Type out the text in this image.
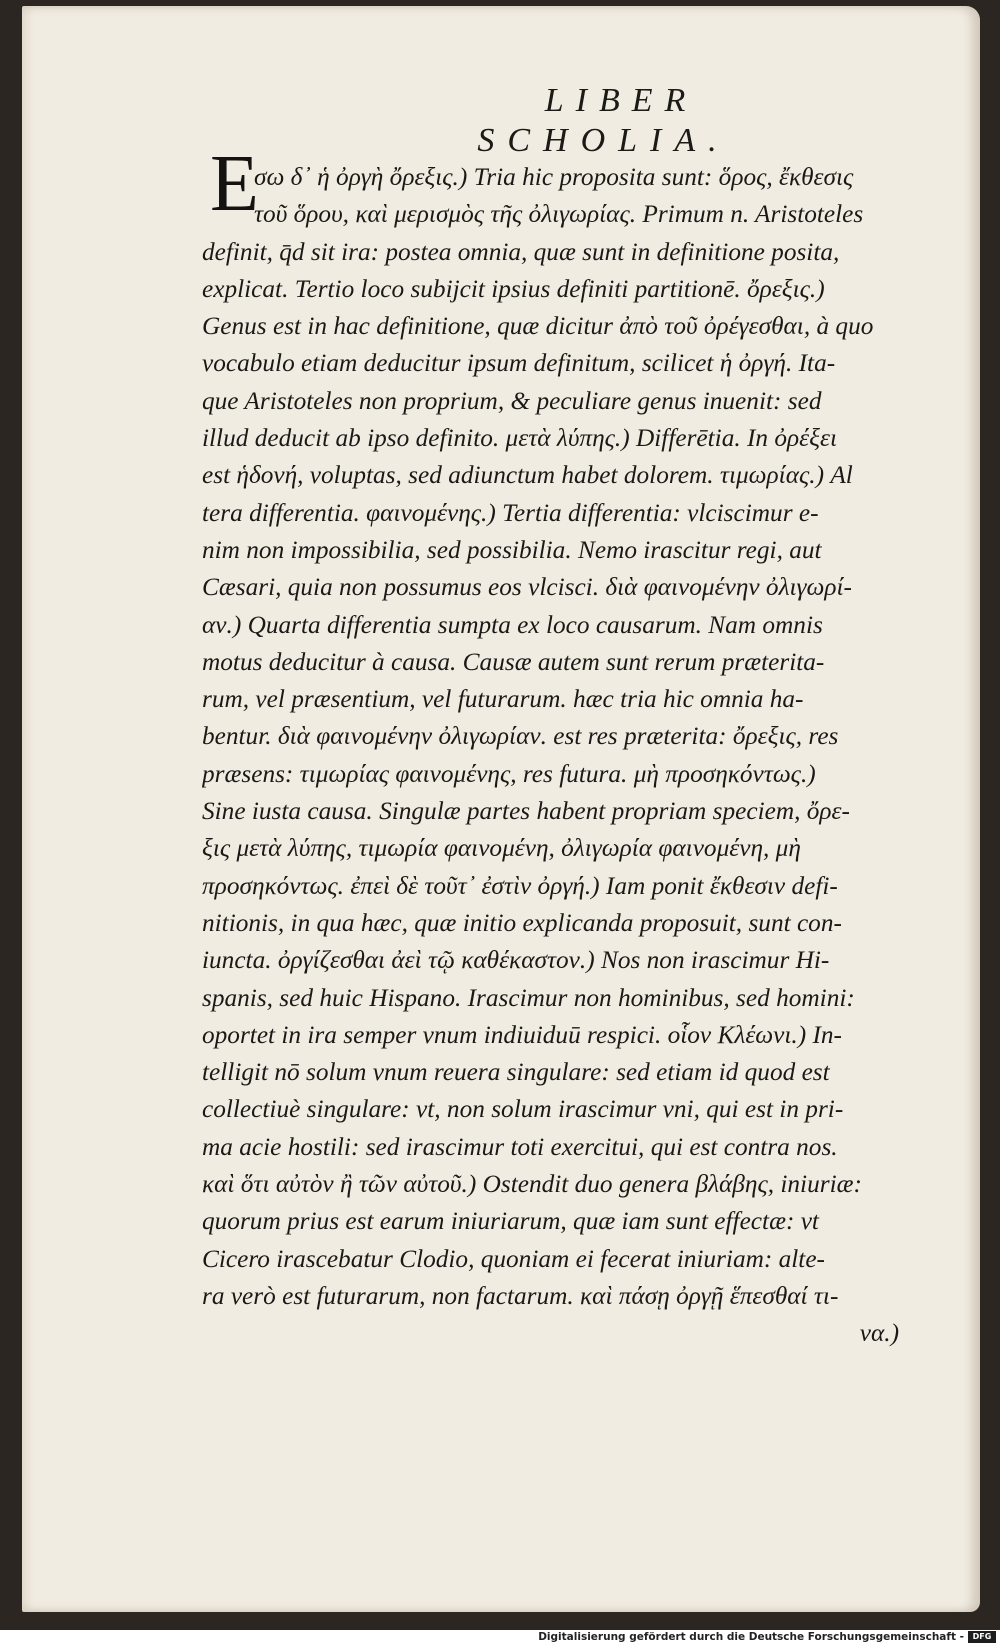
LIBER
SCHOLIA.
E
σω δ᾽ ἡ ὀργὴ ὄρεξις.) Tria hic proposita sunt: ὅρος, ἔκθεσις
τοῦ ὅρου, καὶ μερισμὸς τῆς ὀλιγωρίας. Primum n. Aristoteles
definit, q̄d sit ira: postea omnia, quæ sunt in definitione posita,
explicat. Tertio loco subijcit ipsius definiti partitionē. ὄρεξις.)
Genus est in hac definitione, quæ dicitur ἀπὸ τοῦ ὀρέγεσθαι, à quo
vocabulo etiam deducitur ipsum definitum, scilicet ἡ ὀργή. Ita-
que Aristoteles non proprium, & peculiare genus inuenit: sed
illud deducit ab ipso definito. μετὰ λύπης.) Differētia. In ὀρέξει
est ἡδονή, voluptas, sed adiunctum habet dolorem. τιμωρίας.) Al
tera differentia. φαινομένης.) Tertia differentia: vlciscimur e-
nim non impossibilia, sed possibilia. Nemo irascitur regi, aut
Cæsari, quia non possumus eos vlcisci. διὰ φαινομένην ὀλιγωρί-
αν.) Quarta differentia sumpta ex loco causarum. Nam omnis
motus deducitur à causa. Causæ autem sunt rerum præterita-
rum, vel præsentium, vel futurarum. hæc tria hic omnia ha-
bentur. διὰ φαινομένην ὀλιγωρίαν. est res præterita: ὄρεξις, res
præsens: τιμωρίας φαινομένης, res futura. μὴ προσηκόντως.)
Sine iusta causa. Singulæ partes habent propriam speciem, ὄρε-
ξις μετὰ λύπης, τιμωρία φαινομένη, ὀλιγωρία φαινομένη, μὴ
προσηκόντως. ἐπεὶ δὲ τοῦτ᾽ ἐστὶν ὀργή.) Iam ponit ἔκθεσιν defi-
nitionis, in qua hæc, quæ initio explicanda proposuit, sunt con-
iuncta. ὀργίζεσθαι ἀεὶ τῷ καθέκαστον.) Nos non irascimur Hi-
spanis, sed huic Hispano. Irascimur non hominibus, sed homini:
oportet in ira semper vnum indiuiduū respici. οἷον Κλέωνι.) In-
telligit nō solum vnum reuera singulare: sed etiam id quod est
collectiuè singulare: vt, non solum irascimur vni, qui est in pri-
ma acie hostili: sed irascimur toti exercitui, qui est contra nos.
καὶ ὅτι αὐτὸν ἢ τῶν αὐτοῦ.) Ostendit duo genera βλάβης, iniuriæ:
quorum prius est earum iniuriarum, quæ iam sunt effectæ: vt
Cicero irascebatur Clodio, quoniam ei fecerat iniuriam: alte-
ra verò est futurarum, non factarum. καὶ πάσῃ ὀργῇ ἕπεσθαί τι-
να.)
Digitalisierung gefördert durch die Deutsche Forschungsgemeinschaft -	DFG
